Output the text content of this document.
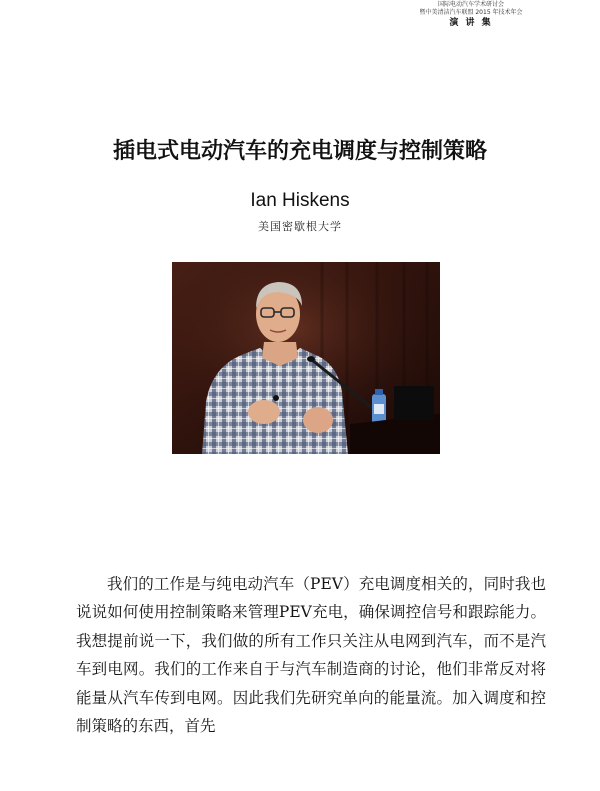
国际电动汽车学术研讨会
暨中美清洁汽车联盟 2015 年技术年会
演 讲 集
插电式电动汽车的充电调度与控制策略
Ian Hiskens
美国密歇根大学

我们的工作是与纯电动汽车（PEV）充电调度相关的，同时我也说说如何使用控制策略来管理PEV充电，确保调控信号和跟踪能力。我想提前说一下，我们做的所有工作只关注从电网到汽车，而不是汽车到电网。我们的工作来自于与汽车制造商的讨论，他们非常反对将能量从汽车传到电网。因此我们先研究单向的能量流。加入调度和控制策略的东西，首先
